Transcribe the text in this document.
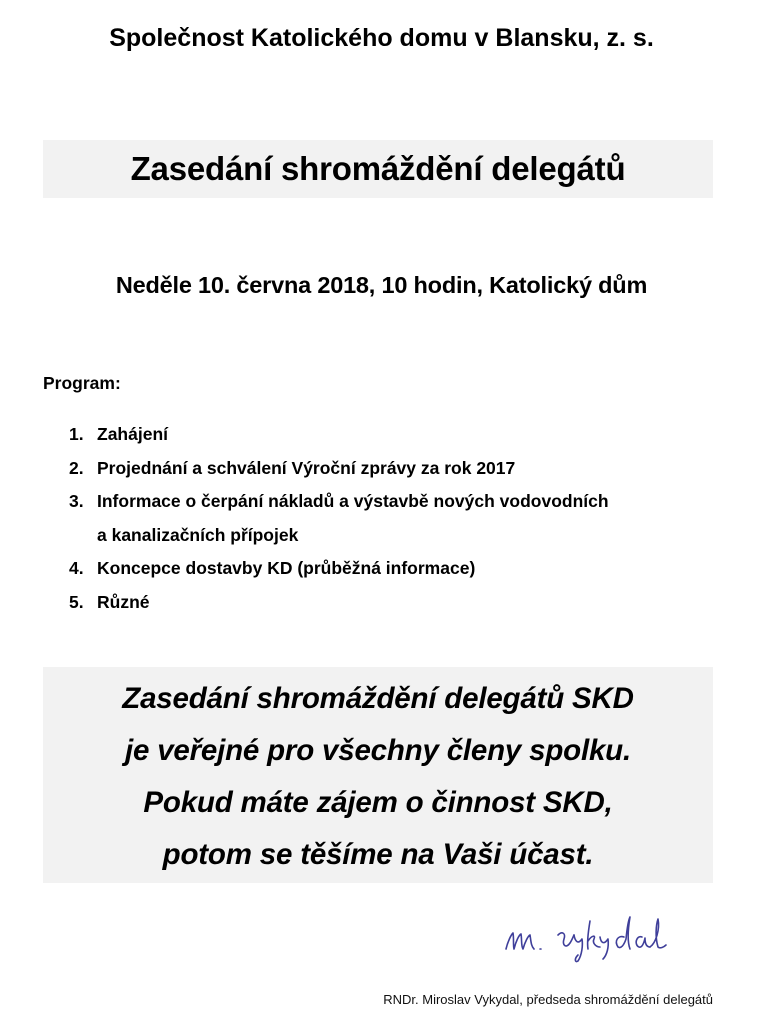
Společnost Katolického domu v Blansku, z. s.
Zasedání shromáždění delegátů
Neděle 10. června 2018, 10 hodin, Katolický dům
Program:
1. Zahájení
2. Projednání a schválení Výroční zprávy za rok 2017
3. Informace o čerpání nákladů a výstavbě nových vodovodních
a kanalizačních přípojek
4. Koncepce dostavby KD (průběžná informace)
5. Různé
Zasedání shromáždění delegátů SKD
je veřejné pro všechny členy spolku.
Pokud máte zájem o činnost SKD,
potom se těšíme na Vaši účast.
RNDr. Miroslav Vykydal, předseda shromáždění delegátů
